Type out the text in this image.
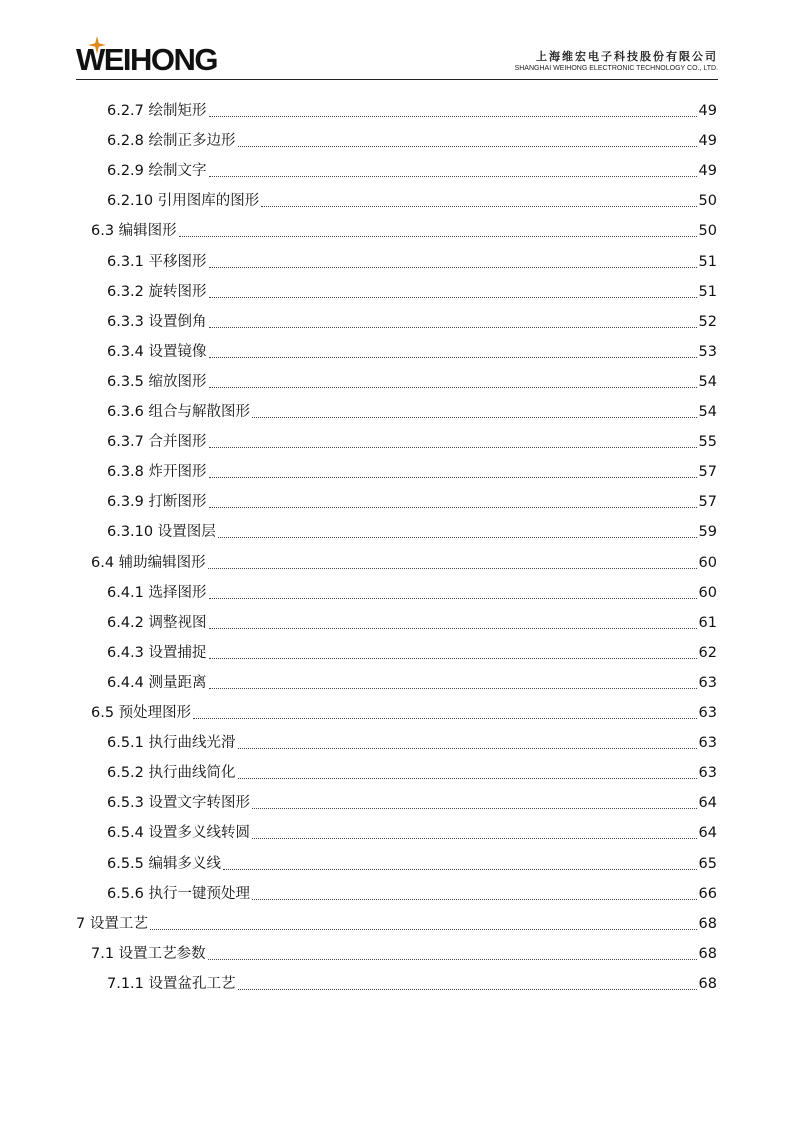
WEIHONG	上海维宏电子科技股份有限公司
SHANGHAI WEIHONG ELECTRONIC TECHNOLOGY CO., LTD.
6.2.7 绘制矩形	49
6.2.8 绘制正多边形	49
6.2.9 绘制文字	49
6.2.10 引用图库的图形	50
6.3 编辑图形	50
6.3.1 平移图形	51
6.3.2 旋转图形	51
6.3.3 设置倒角	52
6.3.4 设置镜像	53
6.3.5 缩放图形	54
6.3.6 组合与解散图形	54
6.3.7 合并图形	55
6.3.8 炸开图形	57
6.3.9 打断图形	57
6.3.10 设置图层	59
6.4 辅助编辑图形	60
6.4.1 选择图形	60
6.4.2 调整视图	61
6.4.3 设置捕捉	62
6.4.4 测量距离	63
6.5 预处理图形	63
6.5.1 执行曲线光滑	63
6.5.2 执行曲线简化	63
6.5.3 设置文字转图形	64
6.5.4 设置多义线转圆	64
6.5.5 编辑多义线	65
6.5.6 执行一键预处理	66
7 设置工艺	68
7.1 设置工艺参数	68
7.1.1 设置盆孔工艺	68
